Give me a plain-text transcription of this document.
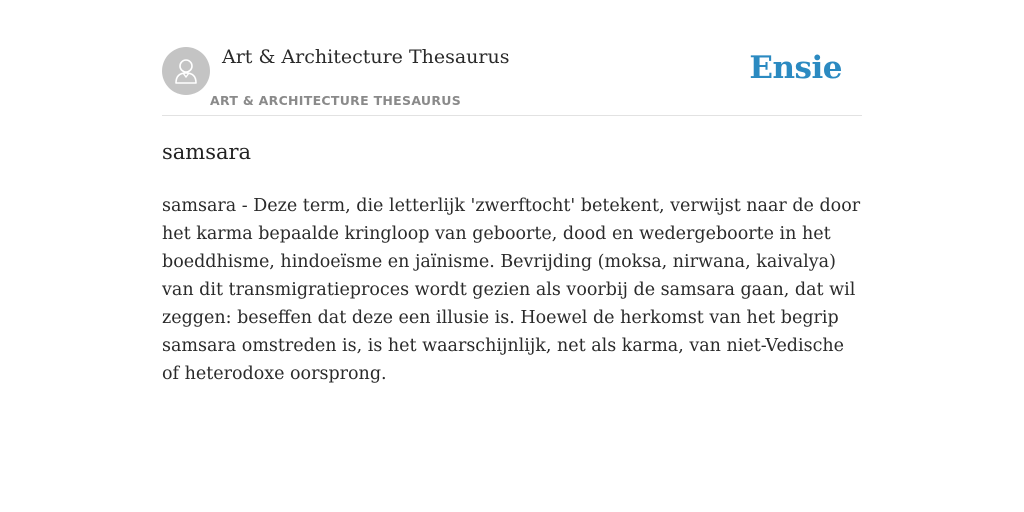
Art & Architecture Thesaurus
ART & ARCHITECTURE THESAURUS
Ensie
samsara

samsara - Deze term, die letterlijk 'zwerftocht' betekent, verwijst naar de door het karma bepaalde kringloop van geboorte, dood en wedergeboorte in het boeddhisme, hindoeïsme en jaïnisme. Bevrijding (moksa, nirwana, kaivalya) van dit transmigratieproces wordt gezien als voorbij de samsara gaan, dat wil zeggen: beseffen dat deze een illusie is. Hoewel de herkomst van het begrip samsara omstreden is, is het waarschijnlijk, net als karma, van niet-Vedische of heterodoxe oorsprong.
